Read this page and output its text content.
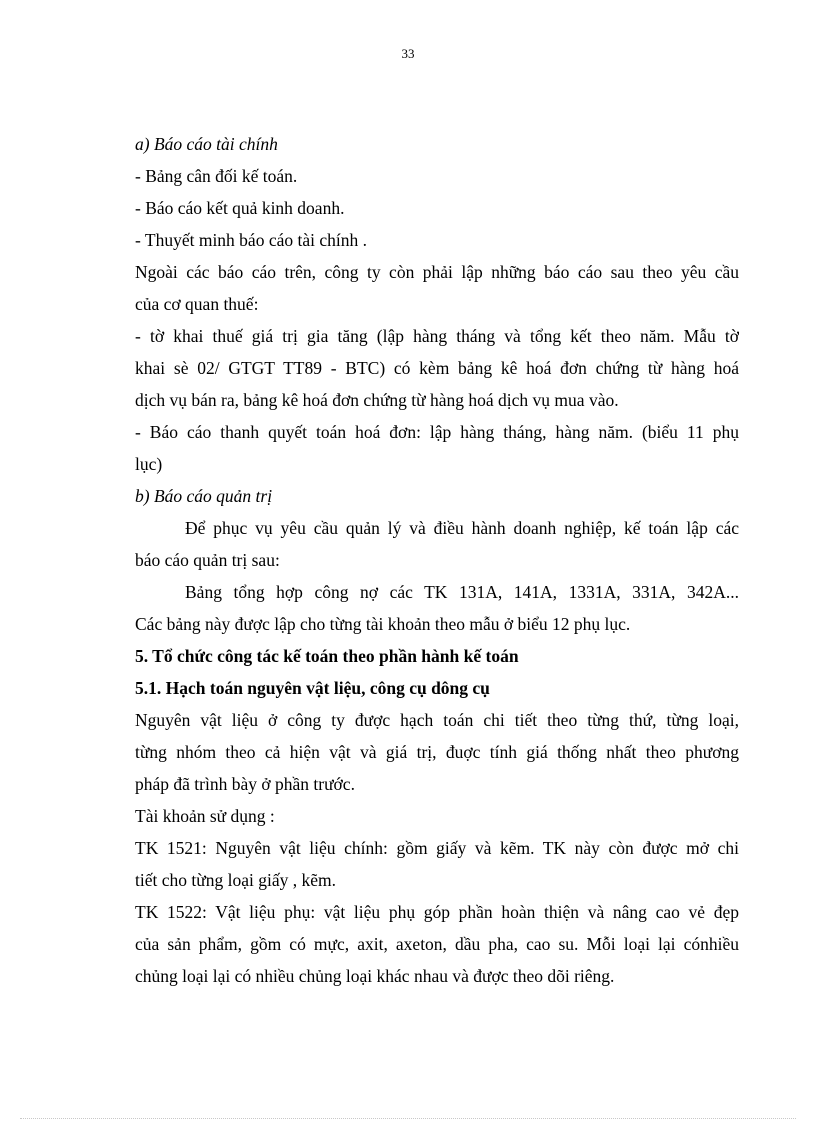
33
a) Báo cáo tài chính
- Bảng cân đối kế toán.
- Báo cáo kết quả kinh doanh.
- Thuyết minh báo cáo tài chính .
Ngoài các báo cáo trên, công ty còn phải lập những báo cáo sau theo yêu cầu
của cơ quan thuế:
- tờ khai thuế giá trị gia tăng (lập hàng tháng và tổng kết theo năm. Mẫu tờ
khai sè 02/ GTGT TT89 - BTC) có kèm bảng kê hoá đơn chứng từ hàng hoá
dịch vụ bán ra, bảng kê hoá đơn chứng từ hàng hoá dịch vụ mua vào.
- Báo cáo thanh quyết toán hoá đơn: lập hàng tháng, hàng năm. (biểu 11 phụ
lục)
b) Báo cáo quản trị
Để phục vụ yêu cầu quản lý và điều hành doanh nghiệp, kế toán lập các
báo cáo quản trị sau:
Bảng tổng hợp công nợ các TK 131A, 141A, 1331A, 331A, 342A...
Các bảng này được lập cho từng tài khoản theo mẫu ở biểu 12 phụ lục.
5. Tổ chức công tác kế toán theo phần hành kế toán
5.1. Hạch toán nguyên vật liệu, công cụ dông cụ
Nguyên vật liệu ở công ty được hạch toán chi tiết theo từng thứ, từng loại,
từng nhóm theo cả hiện vật và giá trị, đuợc tính giá thống nhất theo phương
pháp đã trình bày ở phần trước.
Tài khoản sử dụng :
TK 1521: Nguyên vật liệu chính: gồm giấy và kẽm. TK này còn được mở chi
tiết cho từng loại giấy , kẽm.
TK 1522: Vật liệu phụ: vật liệu phụ góp phần hoàn thiện và nâng cao vẻ đẹp
của sản phẩm, gồm có mực, axit, axeton, dầu pha, cao su. Mỗi loại lại cónhiều
chủng loại lại có nhiều chủng loại khác nhau và được theo dõi riêng.
